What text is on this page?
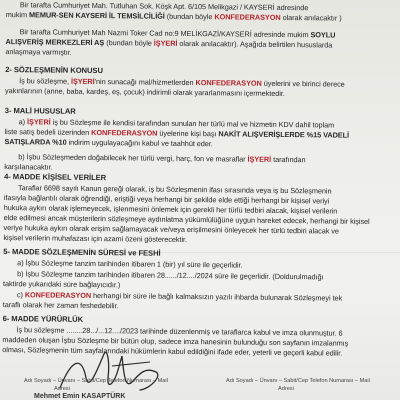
Bir tarafta Cumhuriyet Mah. Tutluhan Sok. Köşk Apt. 6/105 Melikgazi / KAYSERİ adresinde
mukim MEMUR-SEN KAYSERİ İL TEMSİLCİLİĞİ (bundan böyle KONFEDERASYON olarak anılacaktır )
Bir tarafta Cumhuriyet Mah Nazmi Toker Cad no:9 MELİKGAZİ/KAYSERİ adresinde mukim SOYLU
ALIŞVERİŞ MERKEZLERİ AŞ (bundan böyle İŞYERİ olarak anılacaktır). Aşağıda belirtilen hususlarda
anlaşmaya varmıştır.
2- SÖZLEŞMENİN KONUSU
İş bu sözleşme, İŞYERİ'nin sunacağı mal/hizmetlerden KONFEDERASYON üyelerini ve birinci derece
yakınlarının (anne, baba, kardeş, eş, çocuk) indirimli olarak yararlanmasını içermektedir.
3- MALİ HUSUSLAR
a) İŞYERİ iş bu Sözleşme ile kendisi tarafından sunulan her türlü mal ve hizmetin KDV dahil toplam
liste satış bedeli üzerinden KONFEDERASYON üyelerine kişi başı NAKİT ALIŞVERİŞLERDE %15 VADELİ
SATIŞLARDA %10 indirim uygulayacağını kabul ve taahhüt eder.
b) İşbu Sözleşmeden doğabilecek her türlü vergi, harç, fon ve masraflar İŞYERİ tarafından
karşılanacaktır.
4- MADDE KİŞİSEL VERİLER
Taraflar 6698 sayılı Kanun gereği olarak, iş bu Sözleşmenin ifası sırasında veya iş bu Sözleşmenin
ifasıyla bağlantılı olarak öğrendiği, eriştiği veya herhangi bir şekilde elde ettiği herhangi bir kişisel veriyi
hukuka aykırı olarak işlemeyecek, işlenmesini önlemek için gerekli her türlü tedbiri alacak, kişisel verilerin
elde edilmesi ancak müşterilerin sözleşmeye aydınlatma yükümlülüğüne uygun hareket edecek, herhangi bir kişisel
veriye hukuka aykırı olarak erişim sağlamayacak ve/veya erişilmesini önleyecek her türlü tedbiri alacak ve
kişisel verilerin muhafazası için azami özeni gösterecektir.
5- MADDE SÖZLEŞMENİN SÜRESİ ve FESHİ
a) İşbu Sözleşme tanzim tarihinden itibaren 1 (bir) yıl süre ile geçerlidir.
b) İşbu Sözleşme tanzim tarihinden itibaren 28....../12..../2024 süre ile geçerlidir. (Doldurulmadığı
taktirde yukarıdaki süre bağlayıcıdır.)
c) KONFEDERASYON herhangi bir süre ile bağlı kalmaksızın yazılı ihbarda bulunarak Sözleşmeyi tek
taraflı olarak her zaman feshedebilir.
6- MADDE YÜRÜRLÜK
İş bu sözleşme ........28.../...12..../2023 tarihinde düzenlenmiş ve taraflarca kabul ve imza olunmuştur. 6
maddeden oluşan İşbu Sözleşme bir bütün olup, sadece imza hanesinin bulunduğu son sayfanın imzalanmış
olması, Sözleşmenin tüm sayfalarındaki hükümlerin kabul edildiğini ifade eder, yeterli ve geçerli kabul edilir.
Adı Soyadı – Ünvanı – Sabit/Cep Telefon Numarası – Mail
Adresi
Mehmet Emin KASAPTÜRK
Adı Soyadı – Ünvanı – Sabit/Cep Telefon Numarası – Mail
Adresi
